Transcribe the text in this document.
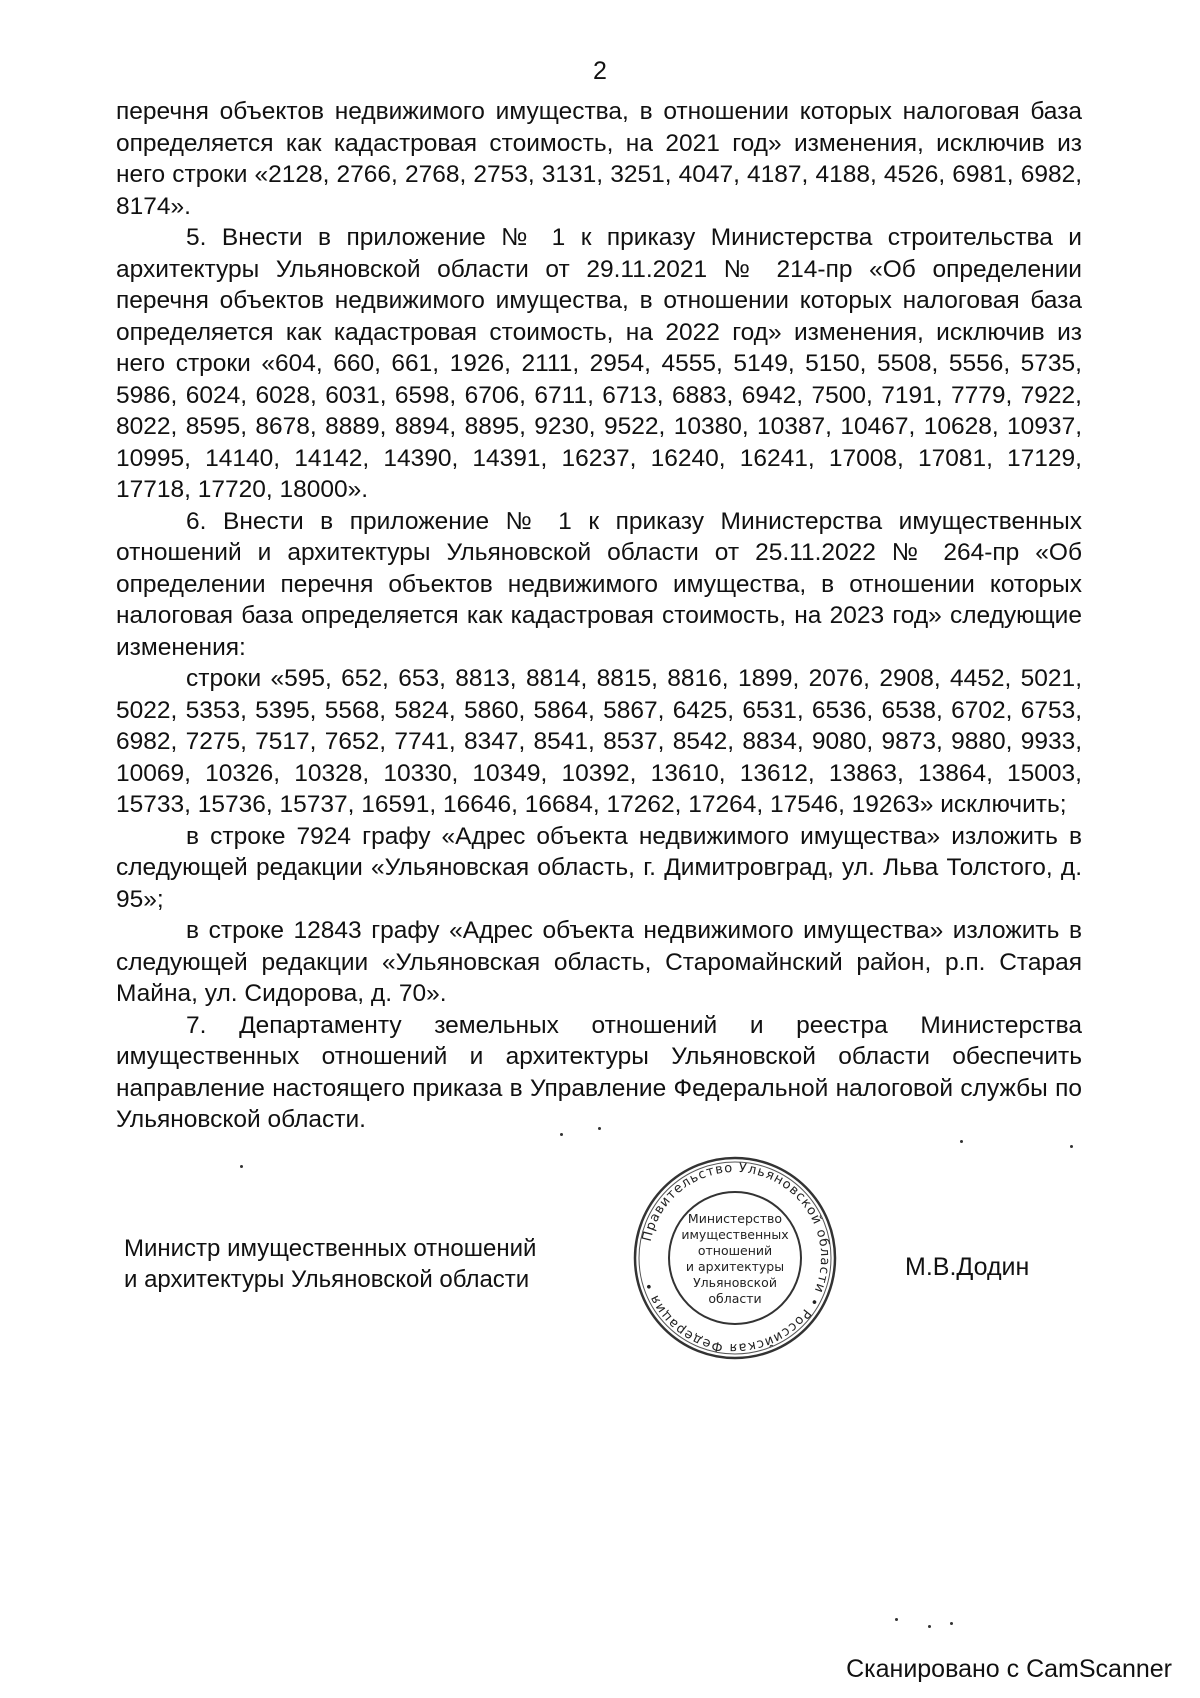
2

перечня объектов недвижимого имущества, в отношении которых налоговая база определяется как кадастровая стоимость, на 2021 год» изменения, исключив из него строки «2128, 2766, 2768, 2753, 3131, 3251, 4047, 4187, 4188, 4526, 6981, 6982, 8174».

5. Внести в приложение № 1 к приказу Министерства строительства и архитектуры Ульяновской области от 29.11.2021 № 214-пр «Об определении перечня объектов недвижимого имущества, в отношении которых налоговая база определяется как кадастровая стоимость, на 2022 год» изменения, исключив из него строки «604, 660, 661, 1926, 2111, 2954, 4555, 5149, 5150, 5508, 5556, 5735, 5986, 6024, 6028, 6031, 6598, 6706, 6711, 6713, 6883, 6942, 7500, 7191, 7779, 7922, 8022, 8595, 8678, 8889, 8894, 8895, 9230, 9522, 10380, 10387, 10467, 10628, 10937, 10995, 14140, 14142, 14390, 14391, 16237, 16240, 16241, 17008, 17081, 17129, 17718, 17720, 18000».

6. Внести в приложение № 1 к приказу Министерства имущественных отношений и архитектуры Ульяновской области от 25.11.2022 № 264-пр «Об определении перечня объектов недвижимого имущества, в отношении которых налоговая база определяется как кадастровая стоимость, на 2023 год» следующие изменения:

строки «595, 652, 653, 8813, 8814, 8815, 8816, 1899, 2076, 2908, 4452, 5021, 5022, 5353, 5395, 5568, 5824, 5860, 5864, 5867, 6425, 6531, 6536, 6538, 6702, 6753, 6982, 7275, 7517, 7652, 7741, 8347, 8541, 8537, 8542, 8834, 9080, 9873, 9880, 9933, 10069, 10326, 10328, 10330, 10349, 10392, 13610, 13612, 13863, 13864, 15003, 15733, 15736, 15737, 16591, 16646, 16684, 17262, 17264, 17546, 19263» исключить;

в строке 7924 графу «Адрес объекта недвижимого имущества» изложить в следующей редакции «Ульяновская область, г. Димитровград, ул. Льва Толстого, д. 95»;

в строке 12843 графу «Адрес объекта недвижимого имущества» изложить в следующей редакции «Ульяновская область, Старомайнский район, р.п. Старая Майна, ул. Сидорова, д. 70».

7. Департаменту земельных отношений и реестра Министерства имущественных отношений и архитектуры Ульяновской области обеспечить направление настоящего приказа в Управление Федеральной налоговой службы по Ульяновской области.

Министр имущественных отношений
и архитектуры Ульяновской области
Правительство Ульяновской области • Российская Федерация •
Министерство
имущественных
отношений
и архитектуры
Ульяновской
области
М.В.Додин
Сканировано с CamScanner
